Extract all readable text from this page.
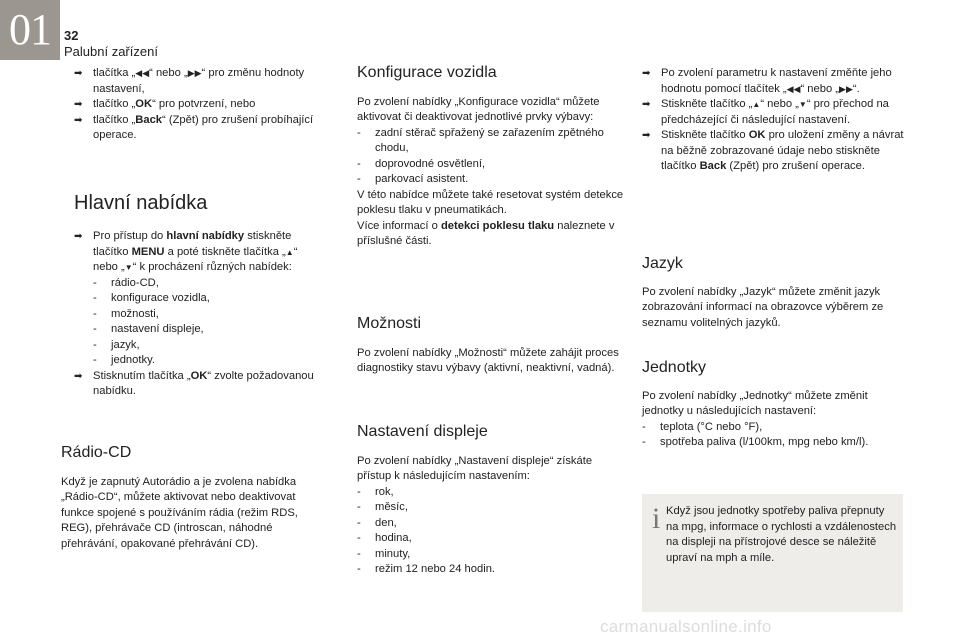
01	32
Palubní zařízení

➡ tlačítka „◀◀“ nebo „▶▶“ pro změnu hodnoty nastavení,

➡ tlačítko „OK“ pro potvrzení, nebo

➡ tlačítko „Back“ (Zpět) pro zrušení probíhající operace.

Hlavní nabídka

➡ Pro přístup do hlavní nabídky stiskněte tlačítko MENU a poté tiskněte tlačítka „▲“ nebo „▼“ k procházení různých nabídek:

- rádio-CD,

- konfigurace vozidla,

- možnosti,

- nastavení displeje,

- jazyk,

- jednotky.

➡ Stisknutím tlačítka „OK“ zvolte požadovanou nabídku.

Rádio-CD

Když je zapnutý Autorádio a je zvolena nabídka „Rádio-CD“, můžete aktivovat nebo deaktivovat funkce spojené s používáním rádia (režim RDS, REG), přehrávače CD (introscan, náhodné přehrávání, opakované přehrávání CD).

Konfigurace vozidla

Po zvolení nabídky „Konfigurace vozidla“ můžete aktivovat či deaktivovat jednotlivé prvky výbavy:

- zadní stěrač spřažený se zařazením zpětného chodu,

- doprovodné osvětlení,

- parkovací asistent.

V této nabídce můžete také resetovat systém detekce poklesu tlaku v pneumatikách.

Více informací o detekci poklesu tlaku naleznete v příslušné části.

Možnosti

Po zvolení nabídky „Možnosti“ můžete zahájit proces diagnostiky stavu výbavy (aktivní, neaktivní, vadná).

Nastavení displeje

Po zvolení nabídky „Nastavení displeje“ získáte přístup k následujícím nastavením:

- rok,

- měsíc,

- den,

- hodina,

- minuty,

- režim 12 nebo 24 hodin.

➡ Po zvolení parametru k nastavení změňte jeho hodnotu pomocí tlačítek „◀◀“ nebo „▶▶“.

➡ Stiskněte tlačítko „▲“ nebo „▼“ pro přechod na předcházející či následující nastavení.

➡ Stiskněte tlačítko OK pro uložení změny a návrat na běžně zobrazované údaje nebo stiskněte tlačítko Back (Zpět) pro zrušení operace.

Jazyk

Po zvolení nabídky „Jazyk“ můžete změnit jazyk zobrazování informací na obrazovce výběrem ze seznamu volitelných jazyků.

Jednotky

Po zvolení nabídky „Jednotky“ můžete změnit jednotky u následujících nastavení:

- teplota (°C nebo °F),

- spotřeba paliva (l/100km, mpg nebo km/l).

i Když jsou jednotky spotřeby paliva přepnuty na mpg, informace o rychlosti a vzdálenostech na displeji na přístrojové desce se náležitě upraví na mph a míle.
carmanualsonline.info
